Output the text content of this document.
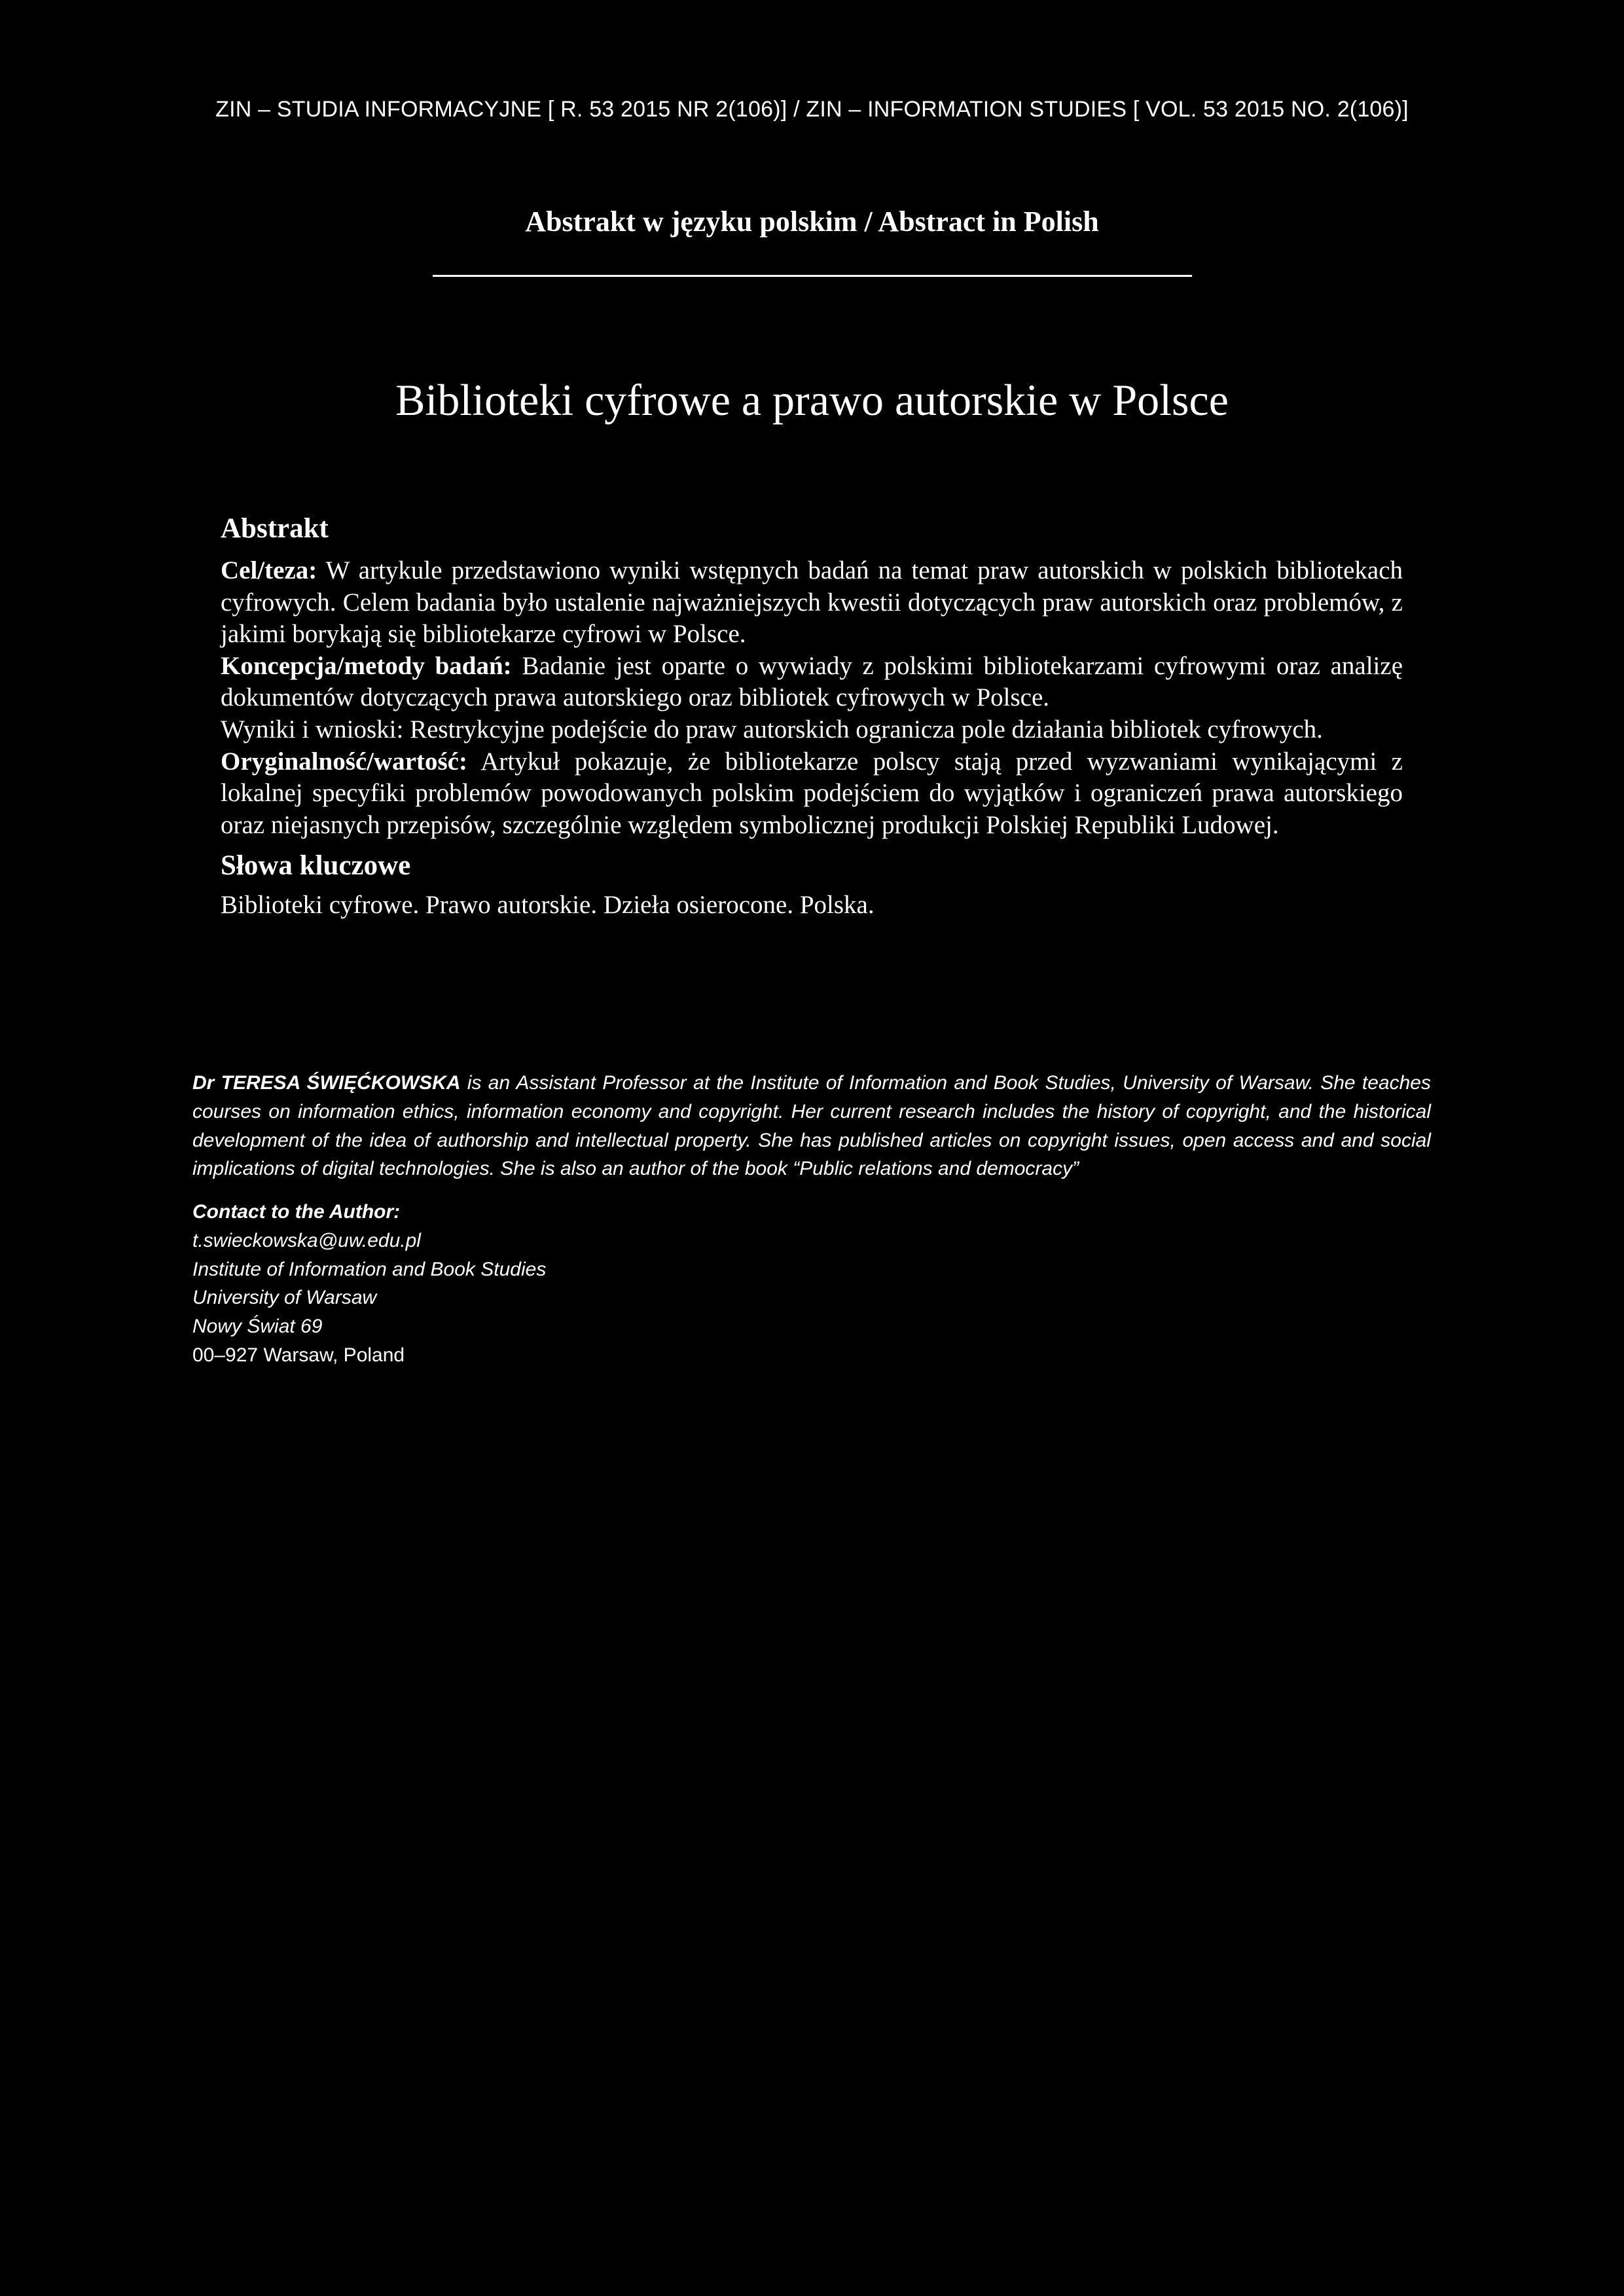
ZIN – STUDIA INFORMACYJNE [ R. 53 2015 NR 2(106)] / ZIN – INFORMATION STUDIES [ VOL. 53 2015 NO. 2(106)]
Abstrakt w języku polskim / Abstract in Polish
Biblioteki cyfrowe a prawo autorskie w Polsce
Abstrakt

Cel/teza: W artykule przedstawiono wyniki wstępnych badań na temat praw autorskich w polskich bibliotekach cyfrowych. Celem badania było ustalenie najważniejszych kwestii dotyczących praw autorskich oraz problemów, z jakimi borykają się bibliotekarze cyfrowi w Polsce.

Koncepcja/metody badań: Badanie jest oparte o wywiady z polskimi bibliotekarzami cyfrowymi oraz analizę dokumentów dotyczących prawa autorskiego oraz bibliotek cyfrowych w Polsce.

Wyniki i wnioski: Restrykcyjne podejście do praw autorskich ogranicza pole działania bibliotek cyfrowych.

Oryginalność/wartość: Artykuł pokazuje, że bibliotekarze polscy stają przed wyzwaniami wynikającymi z lokalnej specyfiki problemów powodowanych polskim podejściem do wyjątków i ograniczeń prawa autorskiego oraz niejasnych przepisów, szczególnie względem symbolicznej produkcji Polskiej Republiki Ludowej.

Słowa kluczowe
Biblioteki cyfrowe. Prawo autorskie. Dzieła osierocone. Polska.
Dr TERESA ŚWIĘĆKOWSKA is an Assistant Professor at the Institute of Information and Book Studies, University of Warsaw. She teaches courses on information ethics, information economy and copyright. Her current research includes the history of copyright, and the historical development of the idea of authorship and intellectual property. She has published articles on copyright issues, open access and and social implications of digital technologies. She is also an author of the book “Public relations and democracy”
Contact to the Author:
t.swieckowska@uw.edu.pl
Institute of Information and Book Studies
University of Warsaw
Nowy Świat 69
00–927 Warsaw, Poland
